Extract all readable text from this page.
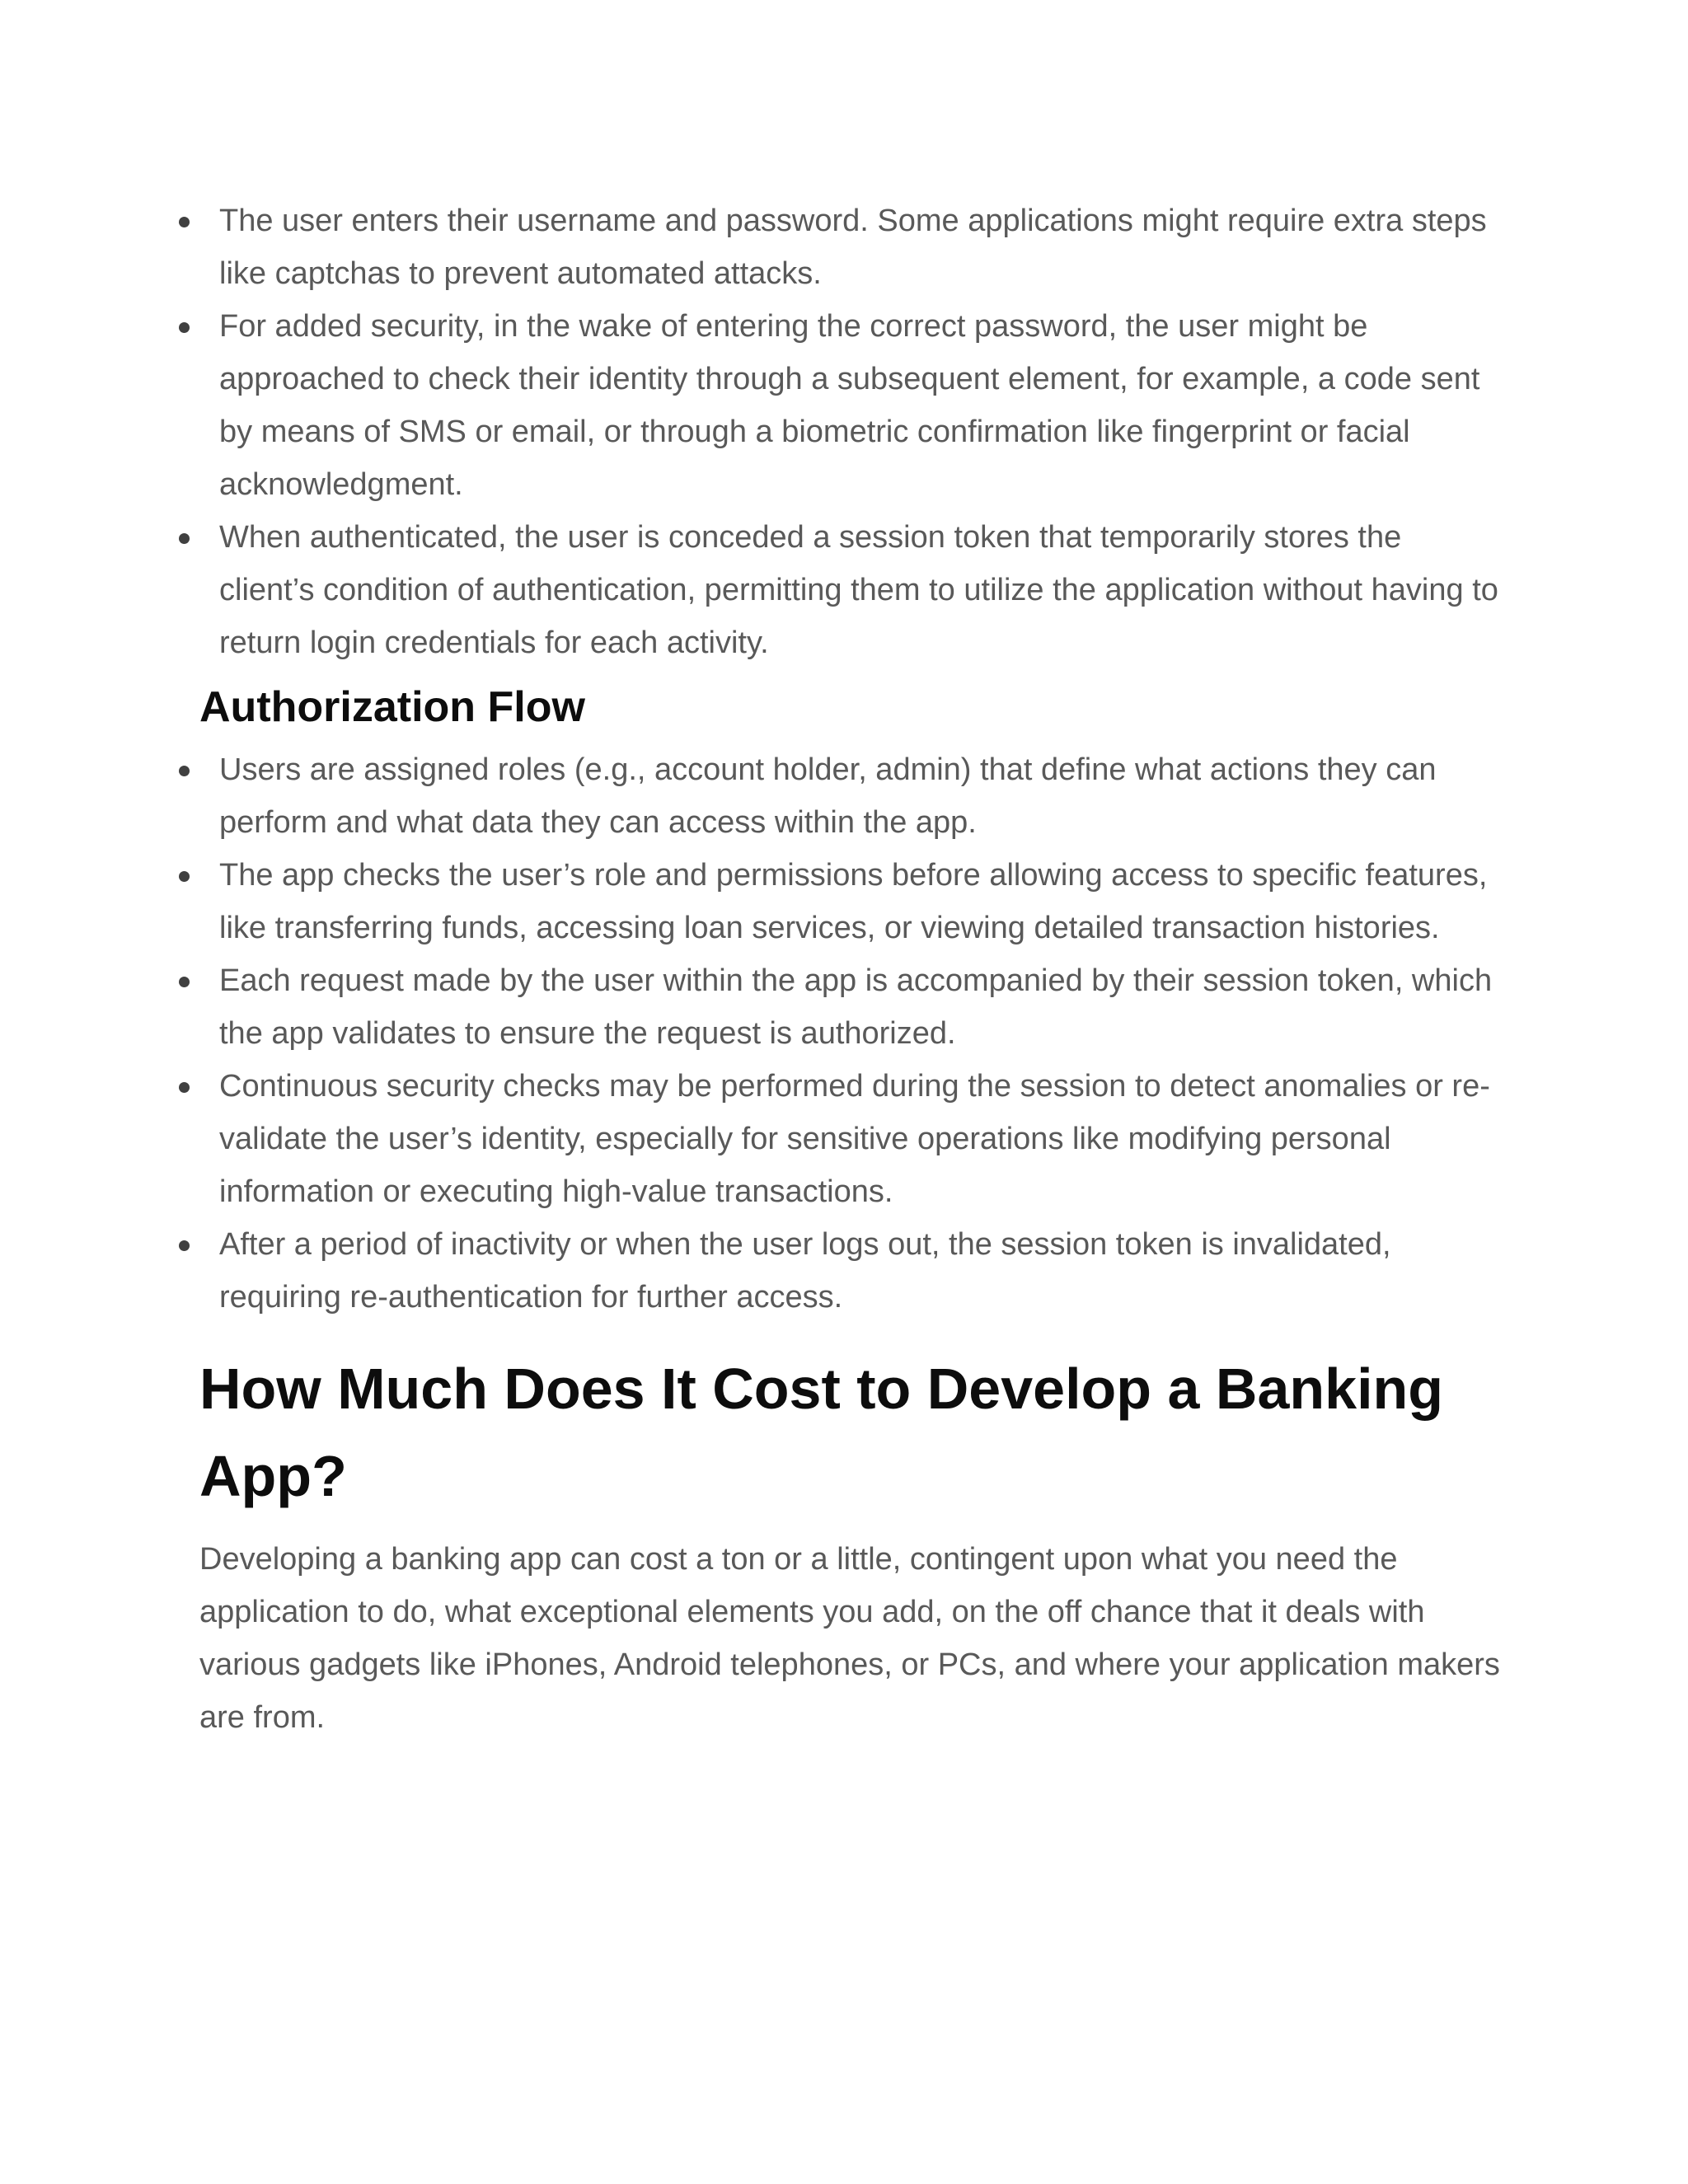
The user enters their username and password. Some applications might require extra steps like captchas to prevent automated attacks.
For added security, in the wake of entering the correct password, the user might be approached to check their identity through a subsequent element, for example, a code sent by means of SMS or email, or through a biometric confirmation like fingerprint or facial acknowledgment.
When authenticated, the user is conceded a session token that temporarily stores the client’s condition of authentication, permitting them to utilize the application without having to return login credentials for each activity.
Authorization Flow
Users are assigned roles (e.g., account holder, admin) that define what actions they can perform and what data they can access within the app.
The app checks the user’s role and permissions before allowing access to specific features, like transferring funds, accessing loan services, or viewing detailed transaction histories.
Each request made by the user within the app is accompanied by their session token, which the app validates to ensure the request is authorized.
Continuous security checks may be performed during the session to detect anomalies or re-validate the user’s identity, especially for sensitive operations like modifying personal information or executing high-value transactions.
After a period of inactivity or when the user logs out, the session token is invalidated, requiring re-authentication for further access.
How Much Does It Cost to Develop a Banking App?

Developing a banking app can cost a ton or a little, contingent upon what you need the application to do, what exceptional elements you add, on the off chance that it deals with various gadgets like iPhones, Android telephones, or PCs, and where your application makers are from.
